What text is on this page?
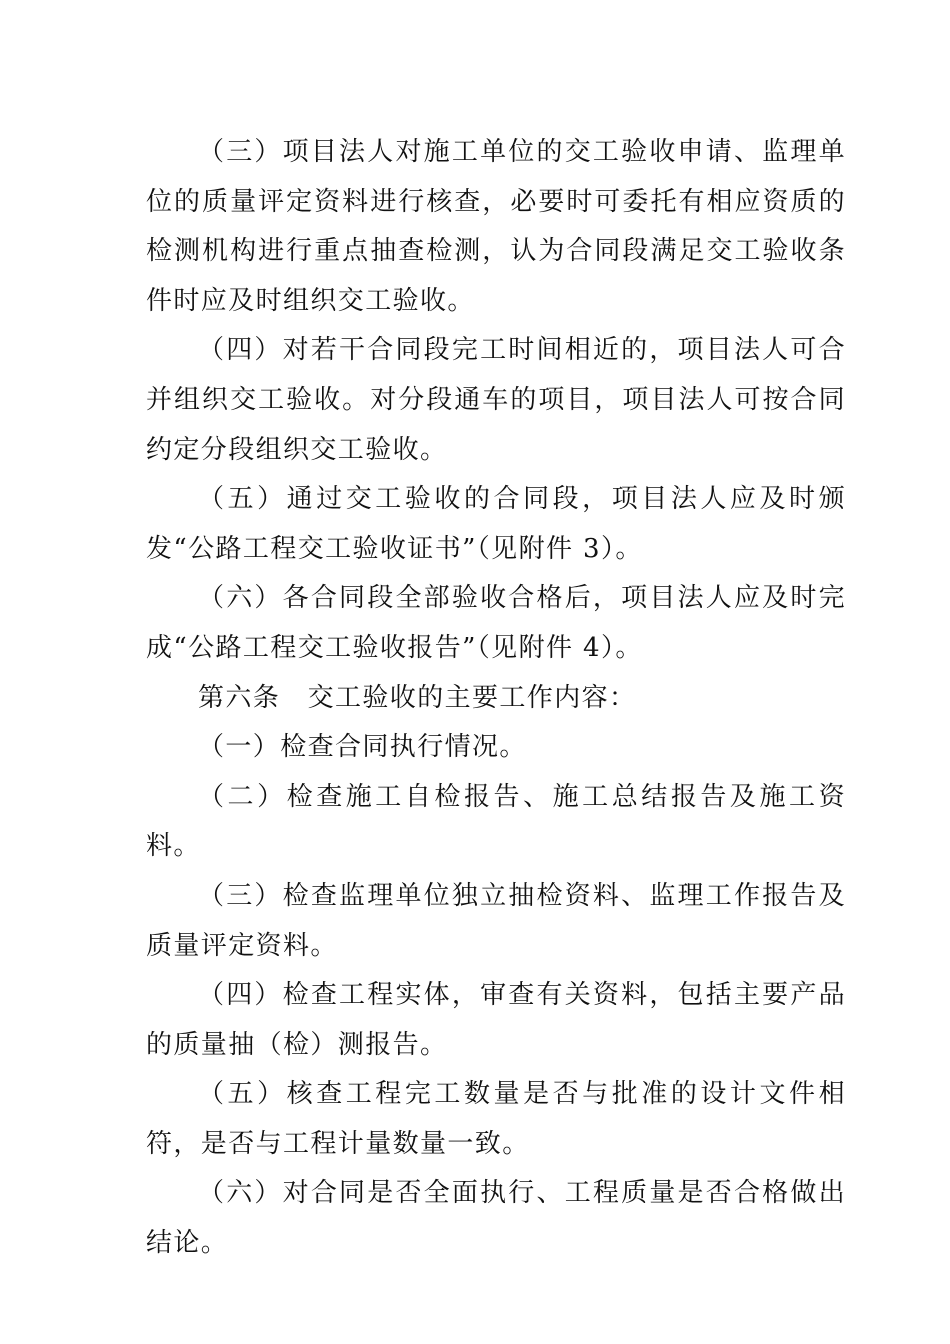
（三）项目法人对施工单位的交工验收申请、监理单位的质量评定资料进行核查，必要时可委托有相应资质的检测机构进行重点抽查检测，认为合同段满足交工验收条件时应及时组织交工验收。

（四）对若干合同段完工时间相近的，项目法人可合并组织交工验收。对分段通车的项目，项目法人可按合同约定分段组织交工验收。

（五）通过交工验收的合同段，项目法人应及时颁发“公路工程交工验收证书”（见附件 3）。

（六）各合同段全部验收合格后，项目法人应及时完成“公路工程交工验收报告”（见附件 4）。

第六条　交工验收的主要工作内容：

（一）检查合同执行情况。

（二）检查施工自检报告、施工总结报告及施工资料。

（三）检查监理单位独立抽检资料、监理工作报告及质量评定资料。

（四）检查工程实体，审查有关资料，包括主要产品的质量抽（检）测报告。

（五）核查工程完工数量是否与批准的设计文件相符，是否与工程计量数量一致。

（六）对合同是否全面执行、工程质量是否合格做出结论。
